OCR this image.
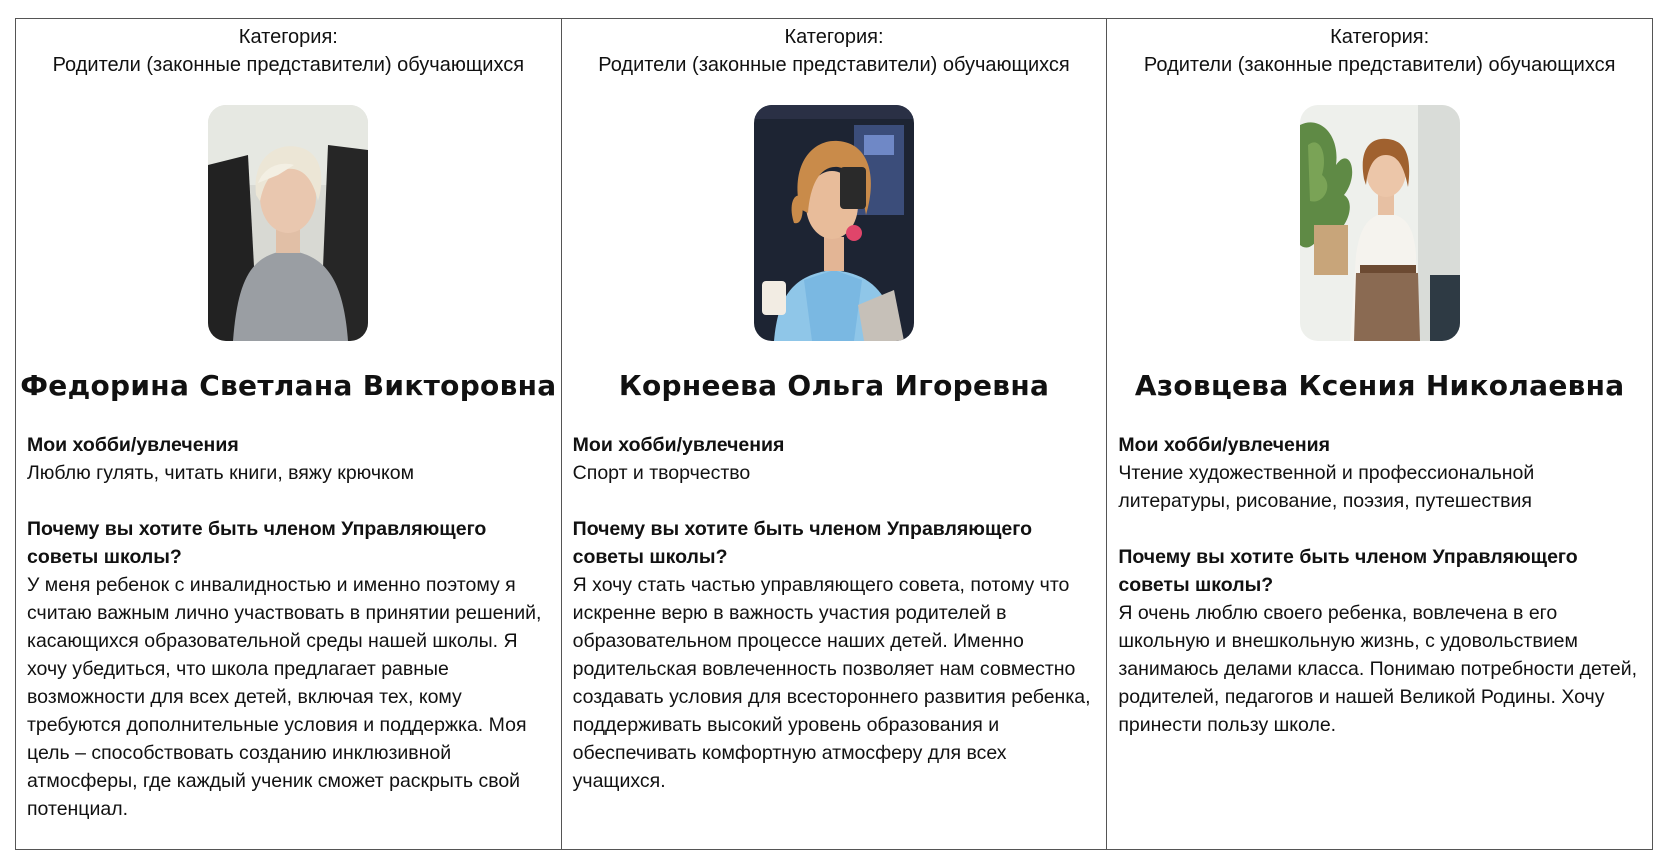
Категория:
Родители (законные представители) обучающихся
Федорина Светлана Викторовна

Мои хобби/увлечения

Люблю гулять, читать книги, вяжу крючком

Почему вы хотите быть членом Управляющего советы школы?

У меня ребенок с инвалидностью и именно поэтому я считаю важным лично участвовать в принятии решений, касающихся образовательной среды нашей школы. Я хочу убедиться, что школа предлагает равные возможности для всех детей, включая тех, кому требуются дополнительные условия и поддержка. Моя цель – способствовать созданию инклюзивной атмосферы, где каждый ученик сможет раскрыть свой потенциал.

Категория:
Родители (законные представители) обучающихся
Корнеева Ольга Игоревна

Мои хобби/увлечения

Спорт и творчество

Почему вы хотите быть членом Управляющего советы школы?

Я хочу стать частью управляющего совета, потому что искренне верю в важность участия родителей в образовательном процессе наших детей. Именно родительская вовлеченность позволяет нам совместно создавать условия для всестороннего развития ребенка, поддерживать высокий уровень образования и обеспечивать комфортную атмосферу для всех учащихся.

Категория:
Родители (законные представители) обучающихся
Азовцева Ксения Николаевна

Мои хобби/увлечения

Чтение художественной и профессиональной литературы, рисование, поэзия, путешествия

Почему вы хотите быть членом Управляющего советы школы?

Я очень люблю своего ребенка, вовлечена в его школьную и внешкольную жизнь, с удовольствием занимаюсь делами класса. Понимаю потребности детей, родителей, педагогов и нашей Великой Родины. Хочу принести пользу школе.
